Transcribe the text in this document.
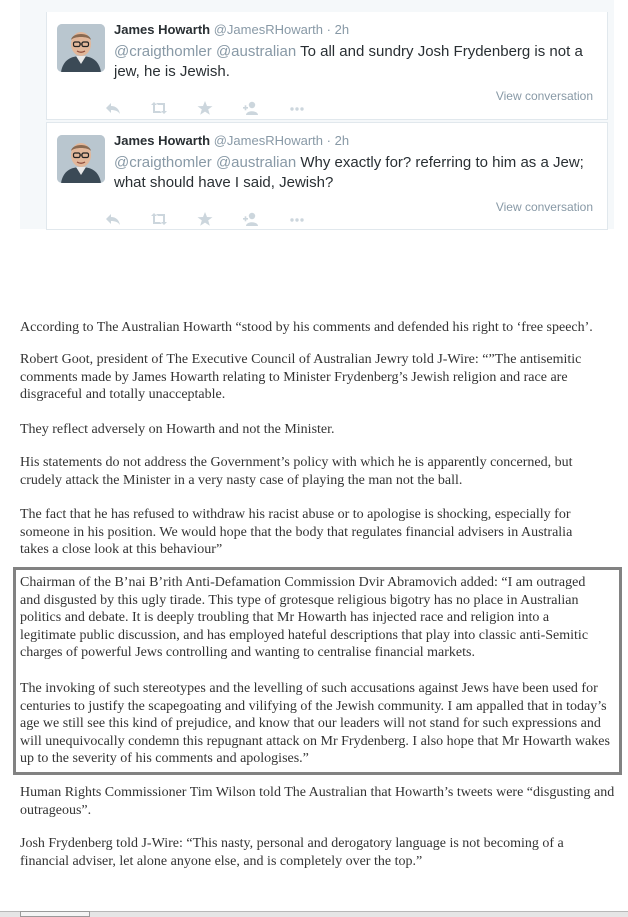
James Howarth @JamesRHowarth · 2h
@craigthomler @australian To all and sundry Josh Frydenberg is not a jew, he is Jewish.
View conversation
James Howarth @JamesRHowarth · 2h
@craigthomler @australian Why exactly for? referring to him as a Jew; what should have I said, Jewish?
View conversation

According to The Australian Howarth “stood by his comments and defended his right to ‘free speech’.

Robert Goot, president of The Executive Council of Australian Jewry told J-Wire: “”The antisemitic comments made by James Howarth relating to Minister Frydenberg’s Jewish religion and race are disgraceful and totally unacceptable.

They reflect adversely on Howarth and not the Minister.

His statements do not address the Government’s policy with which he is apparently concerned, but crudely attack the Minister in a very nasty case of playing the man not the ball.

The fact that he has refused to withdraw his racist abuse or to apologise is shocking, especially for someone in his position. We would hope that the body that regulates financial advisers in Australia takes a close look at this behaviour”

Chairman of the B’nai B’rith Anti-Defamation Commission Dvir Abramovich added: “I am outraged and disgusted by this ugly tirade. This type of grotesque religious bigotry has no place in Australian politics and debate. It is deeply troubling that Mr Howarth has injected race and religion into a legitimate public discussion, and has employed hateful descriptions that play into classic anti-Semitic charges of powerful Jews controlling and wanting to centralise financial markets.

The invoking of such stereotypes and the levelling of such accusations against Jews have been used for centuries to justify the scapegoating and vilifying of the Jewish community. I am appalled that in today’s age we still see this kind of prejudice, and know that our leaders will not stand for such expressions and will unequivocally condemn this repugnant attack on Mr Frydenberg. I also hope that Mr Howarth wakes up to the severity of his comments and apologises.”

Human Rights Commissioner Tim Wilson told The Australian that Howarth’s tweets were “disgusting and outrageous”.

Josh Frydenberg told J-Wire: “This nasty, personal and derogatory language is not becoming of a financial adviser, let alone anyone else, and is completely over the top.”
